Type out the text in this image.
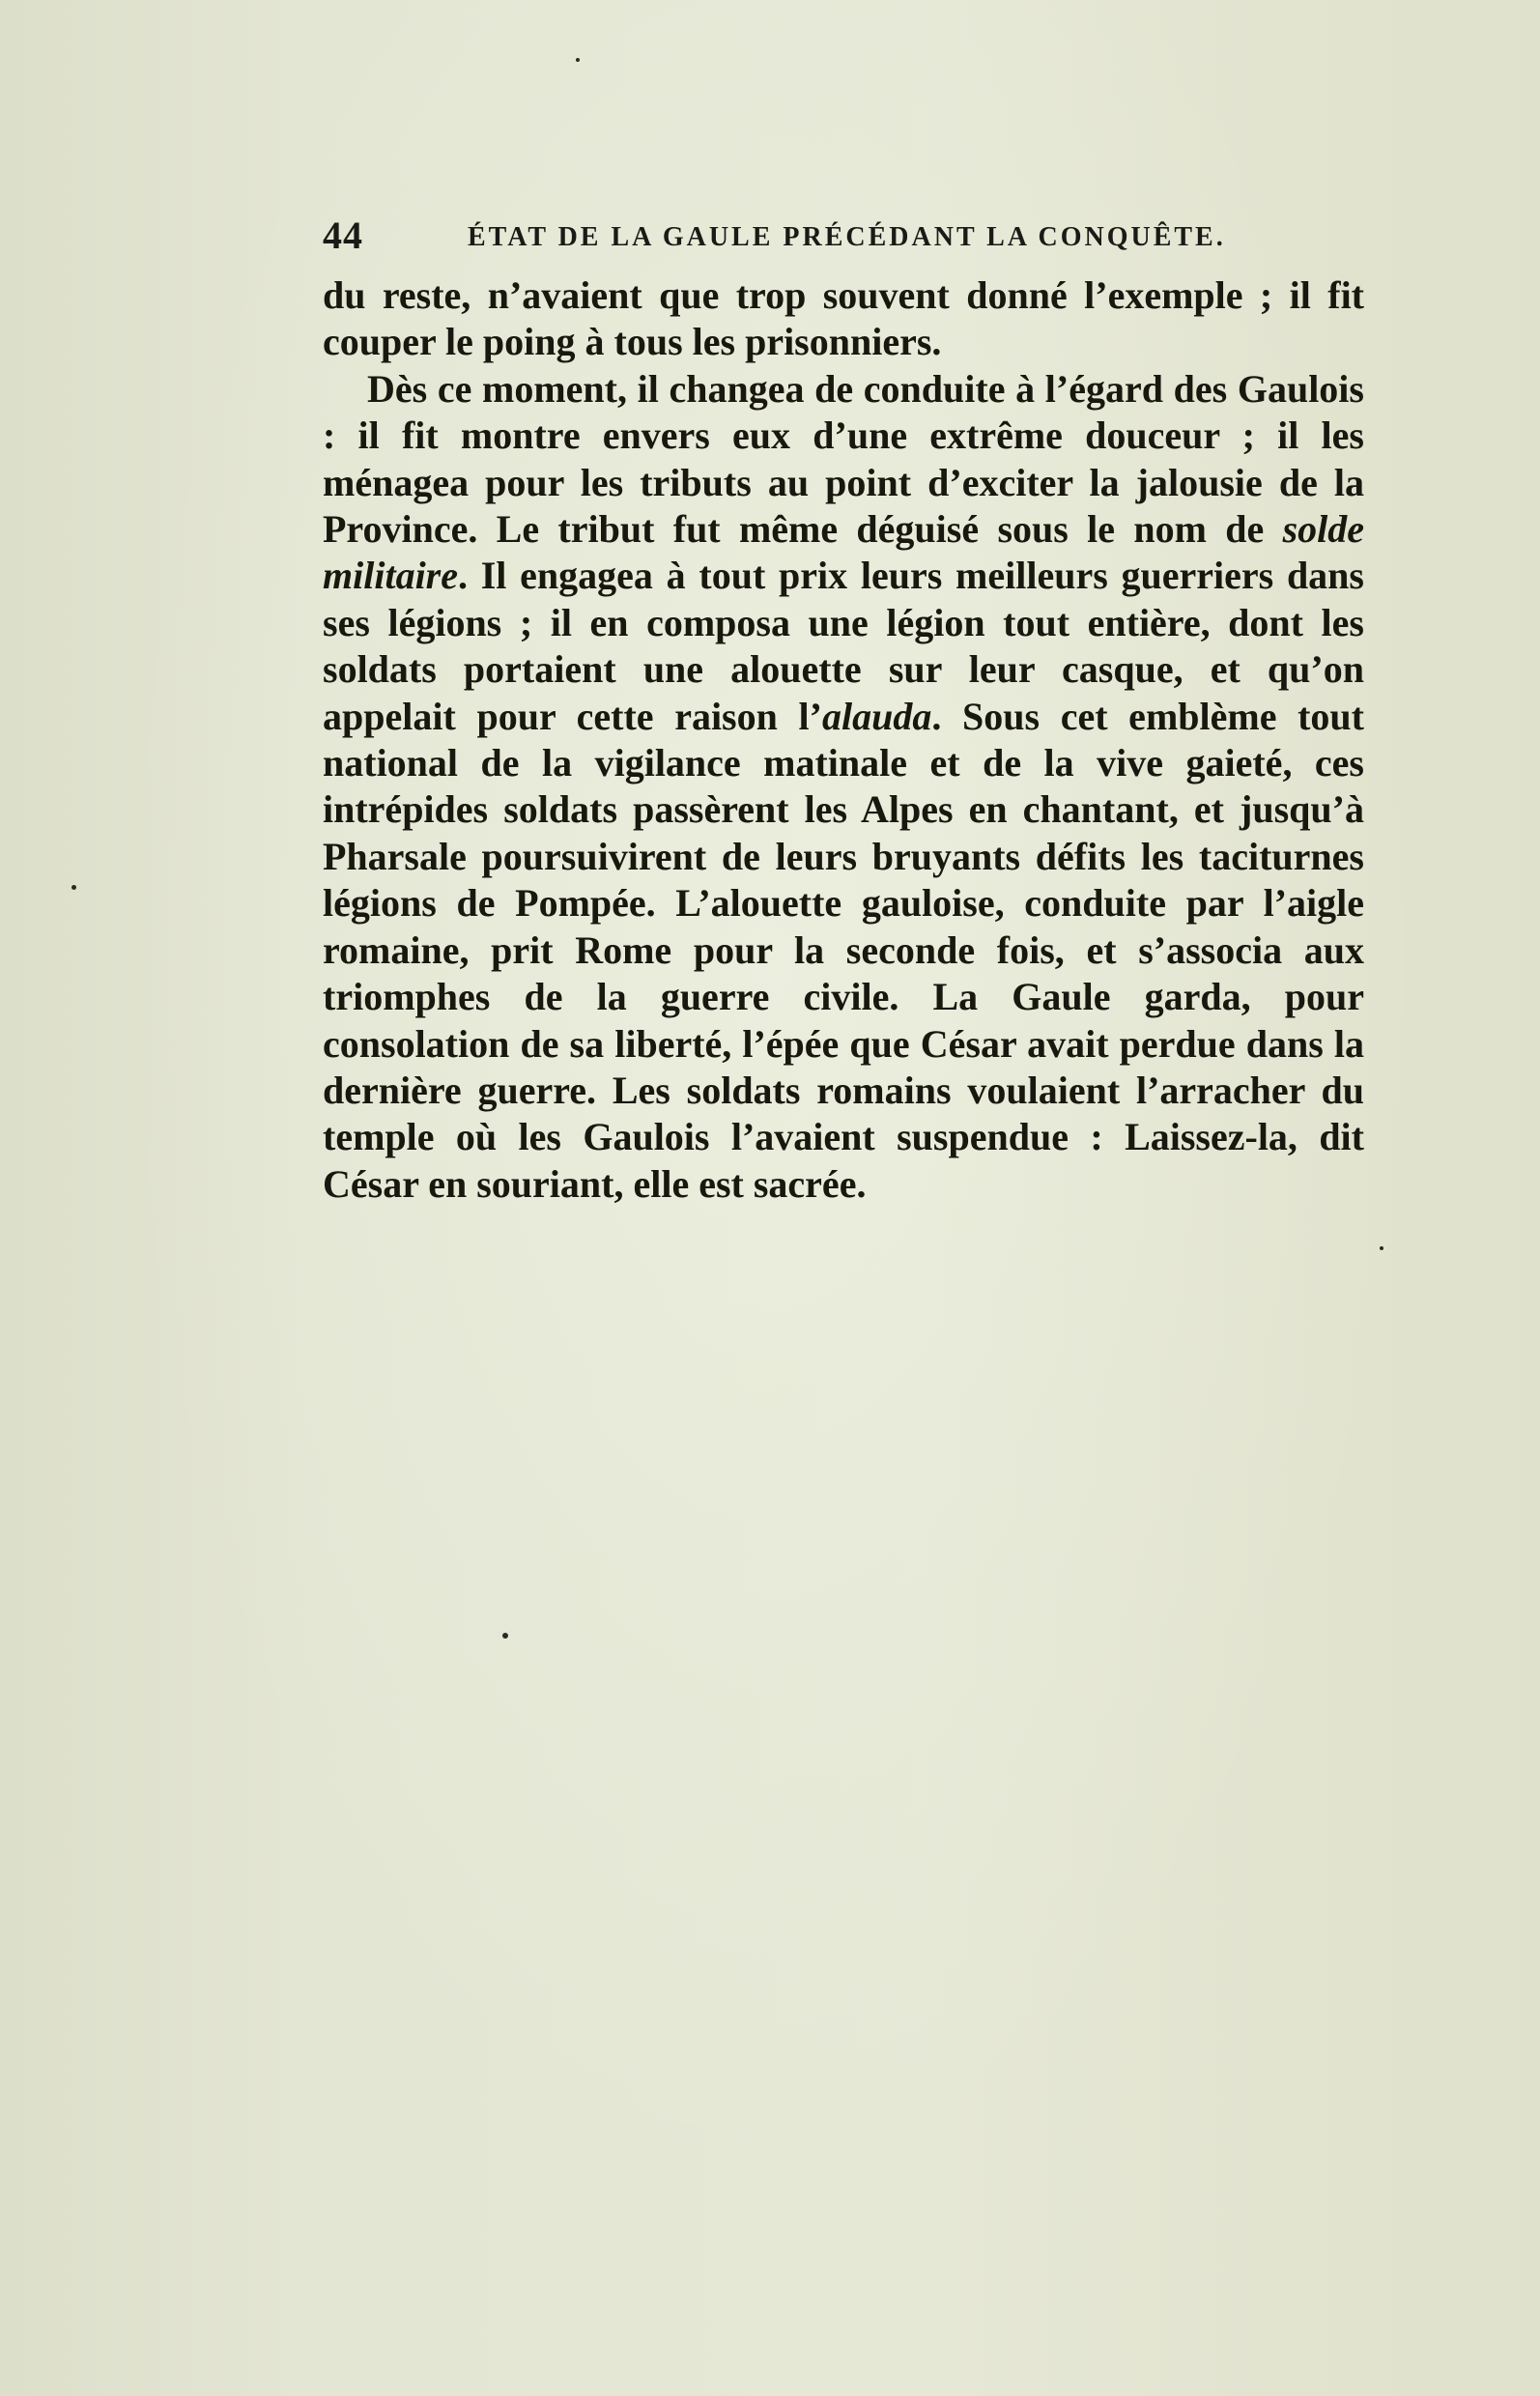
44	ÉTAT DE LA GAULE PRÉCÉDANT LA CONQUÊTE.

du reste, n’avaient que trop souvent donné l’exemple ; il fit couper le poing à tous les prisonniers.

Dès ce moment, il changea de conduite à l’égard des Gaulois : il fit montre envers eux d’une extrême douceur ; il les ménagea pour les tributs au point d’exciter la jalousie de la Province. Le tribut fut même déguisé sous le nom de solde militaire. Il engagea à tout prix leurs meilleurs guerriers dans ses légions ; il en composa une légion tout entière, dont les soldats portaient une alouette sur leur casque, et qu’on appelait pour cette raison l’alauda. Sous cet emblème tout national de la vigilance matinale et de la vive gaieté, ces intrépides soldats passèrent les Alpes en chantant, et jusqu’à Pharsale poursuivirent de leurs bruyants défits les taciturnes légions de Pompée. L’alouette gauloise, conduite par l’aigle romaine, prit Rome pour la seconde fois, et s’associa aux triomphes de la guerre civile. La Gaule garda, pour consolation de sa liberté, l’épée que César avait perdue dans la dernière guerre. Les soldats romains voulaient l’arracher du temple où les Gaulois l’avaient suspendue : Laissez-la, dit César en souriant, elle est sacrée.
